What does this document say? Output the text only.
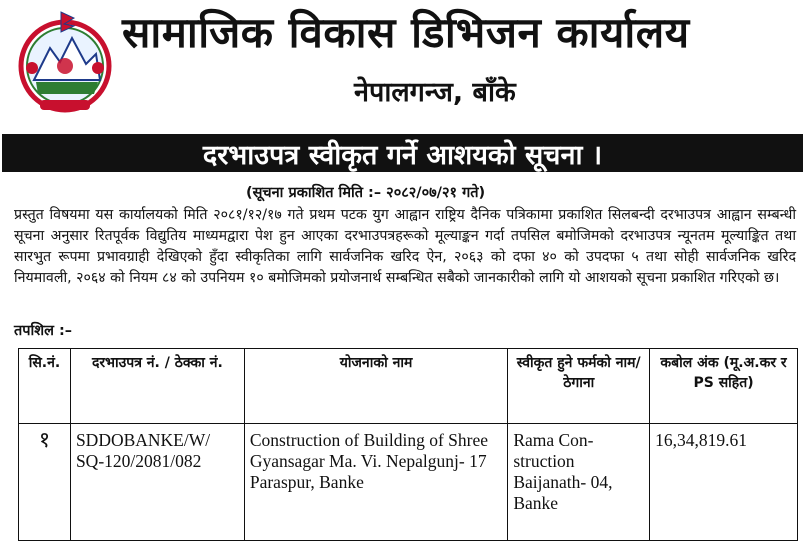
सामाजिक विकास डिभिजन कार्यालय
नेपालगन्ज, बाँके
दरभाउपत्र स्वीकृत गर्ने आशयको सूचना ।
(सूचना प्रकाशित मिति :– २०८२/०७/२१ गते)
प्रस्तुत विषयमा यस कार्यालयको मिति २०८१/१२/१७ गते प्रथम पटक युग आह्वान राष्ट्रिय दैनिक पत्रिकामा प्रकाशित सिलबन्दी दरभाउपत्र आह्वान सम्बन्धी सूचना अनुसार रितपूर्वक विद्युतिय माध्यमद्वारा पेश हुन आएका दरभाउपत्रहरूको मूल्याङ्कन गर्दा तपसिल बमोजिमको दरभाउपत्र न्यूनतम मूल्याङ्कित तथा सारभुत रूपमा प्रभावग्राही देखिएको हुँदा स्वीकृतिका लागि सार्वजनिक खरिद ऐन, २०६३ को दफा ४० को उपदफा ५ तथा सोही सार्वजनिक खरिद नियमावली, २०६४ को नियम ८४ को उपनियम १० बमोजिमको प्रयोजनार्थ सम्बन्धित सबैको जानकारीको लागि यो आशयको सूचना प्रकाशित गरिएको छ।
तपशिल :–
सि.नं.	दरभाउपत्र नं. / ठेक्का नं.	योजनाको नाम	स्वीकृत हुने फर्मको नाम/ठेगाना	कबोल अंक (मू.अ.कर र PS सहित)
१	SDDOBANKE/W/ SQ-120/2081/082	Construction of Building of Shree Gyansagar Ma. Vi. Nepalgunj- 17 Paraspur, Banke	Rama Con- struction Baijanath- 04, Banke	16,34,819.61
